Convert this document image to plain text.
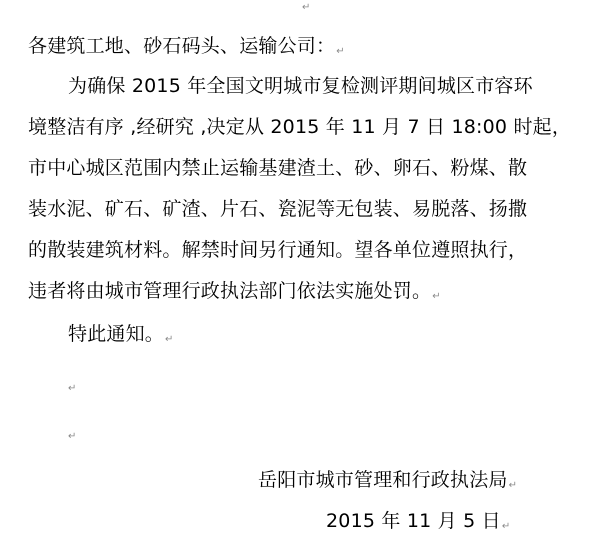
↵
各建筑工地、砂石码头、运输公司：↵
为确保 2015 年全国文明城市复检测评期间城区市容环
境整洁有序 ,经研究 ,决定从 2015 年 11 月 7 日 18:00 时起，
市中心城区范围内禁止运输基建渣土、砂、卵石、粉煤、散
装水泥、矿石、矿渣、片石、瓷泥等无包装、易脱落、扬撒
的散装建筑材料。解禁时间另行通知。望各单位遵照执行，
违者将由城市管理行政执法部门依法实施处罚。↵
特此通知。↵
↵
↵
岳阳市城市管理和行政执法局↵
2015 年 11 月 5 日↵
